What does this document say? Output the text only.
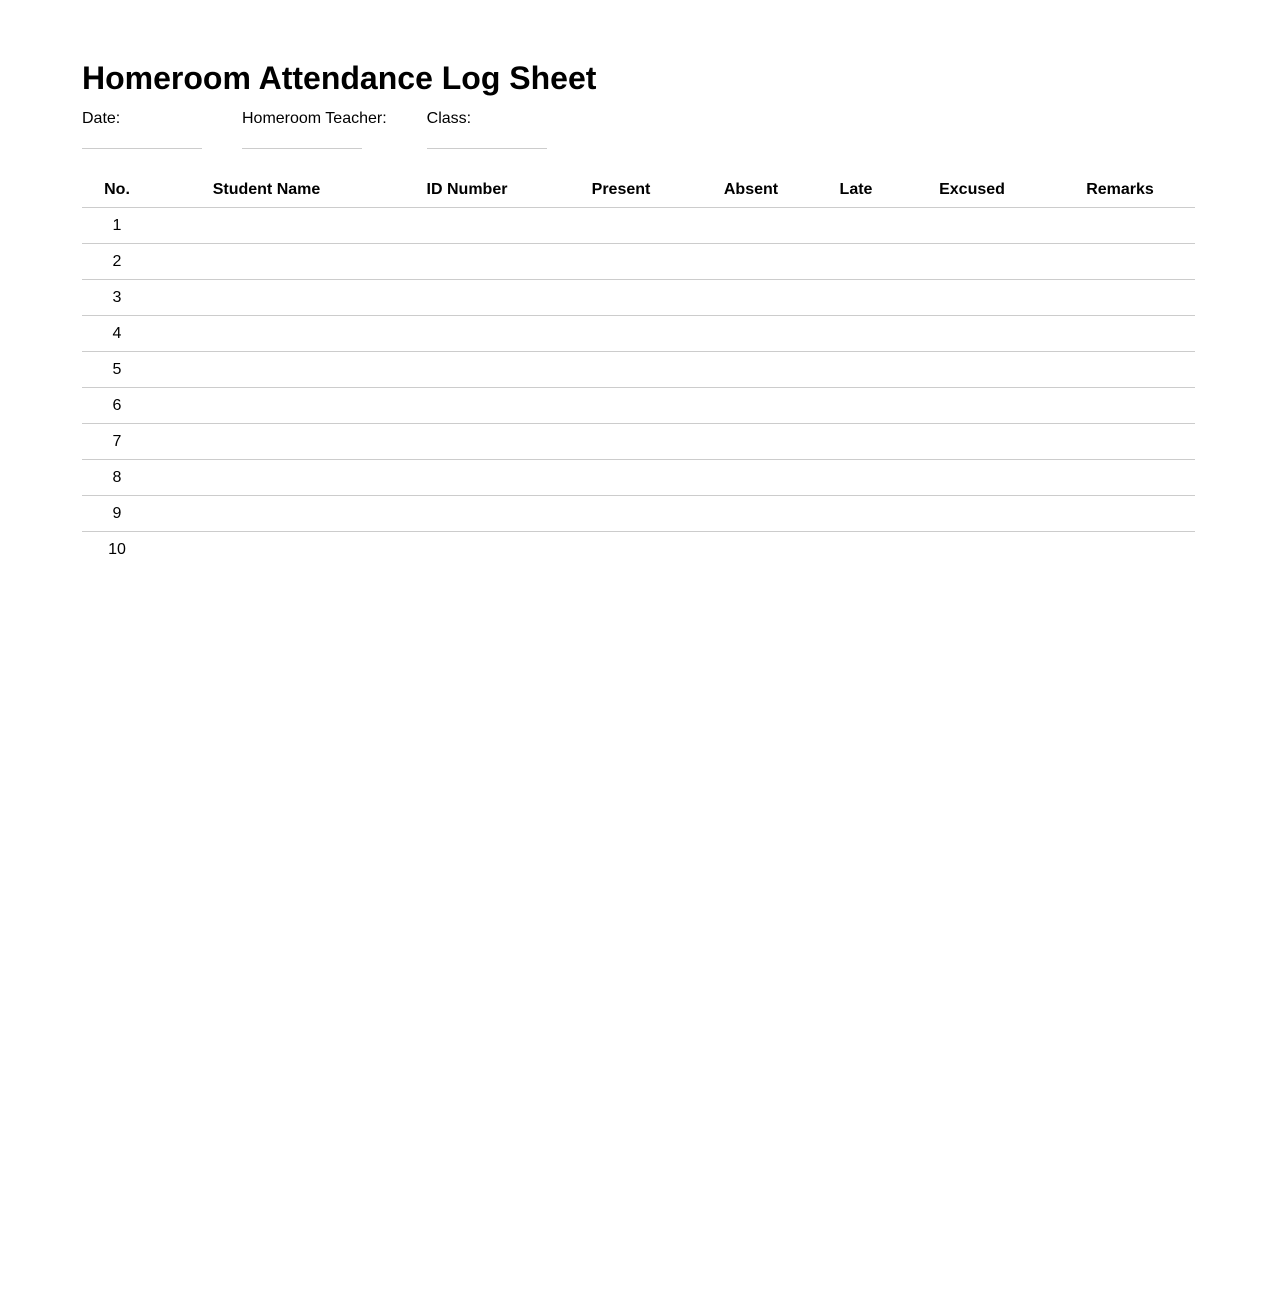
Homeroom Attendance Log Sheet
Date:	Homeroom Teacher:	Class:
No.	Student Name	ID Number	Present	Absent	Late	Excused	Remarks
1							
2							
3							
4							
5							
6							
7							
8							
9							
10							
